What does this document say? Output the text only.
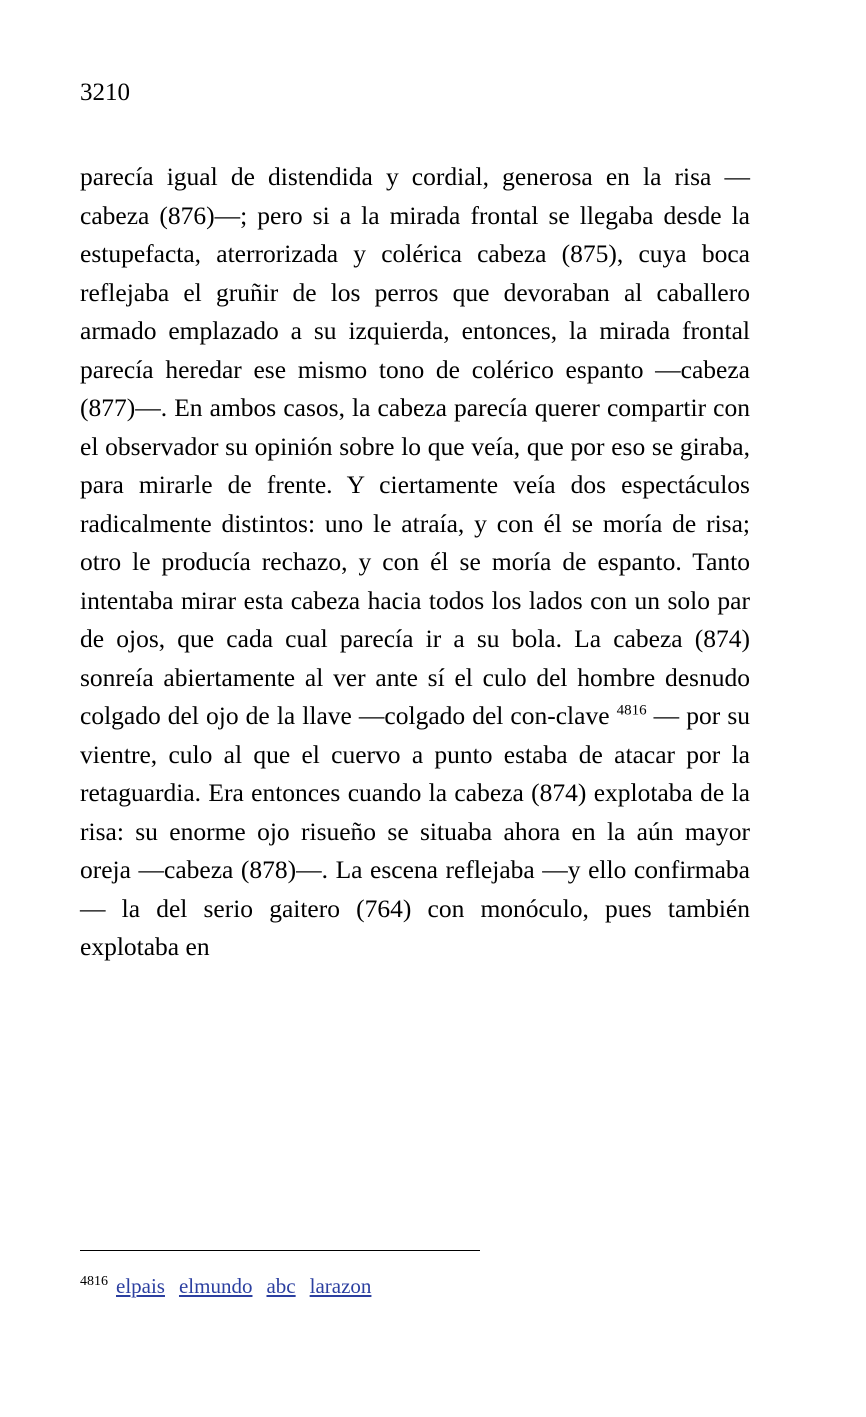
3210
parecía igual de distendida y cordial, generosa en la risa —cabeza (876)—; pero si a la mirada frontal se llegaba desde la estupefacta, aterrorizada y colérica cabeza (875), cuya boca reflejaba el gruñir de los perros que devoraban al caballero armado emplazado a su izquierda, entonces, la mirada frontal parecía heredar ese mismo tono de colérico espanto —cabeza (877)—. En ambos casos, la cabeza parecía querer compartir con el observador su opinión sobre lo que veía, que por eso se giraba, para mirarle de frente. Y ciertamente veía dos espectáculos radicalmente distintos: uno le atraía, y con él se moría de risa; otro le producía rechazo, y con él se moría de espanto. Tanto intentaba mirar esta cabeza hacia todos los lados con un solo par de ojos, que cada cual parecía ir a su bola. La cabeza (874) sonreía abiertamente al ver ante sí el culo del hombre desnudo colgado del ojo de la llave —colgado del con-clave $^{4816}$ — por su vientre, culo al que el cuervo a punto estaba de atacar por la retaguardia. Era entonces cuando la cabeza (874) explotaba de la risa: su enorme ojo risueño se situaba ahora en la aún mayor oreja —cabeza (878)—. La escena reflejaba —y ello confirmaba— la del serio gaitero (764) con monóculo, pues también explotaba en
$^{4816}$ elpais elmundo abc larazon
